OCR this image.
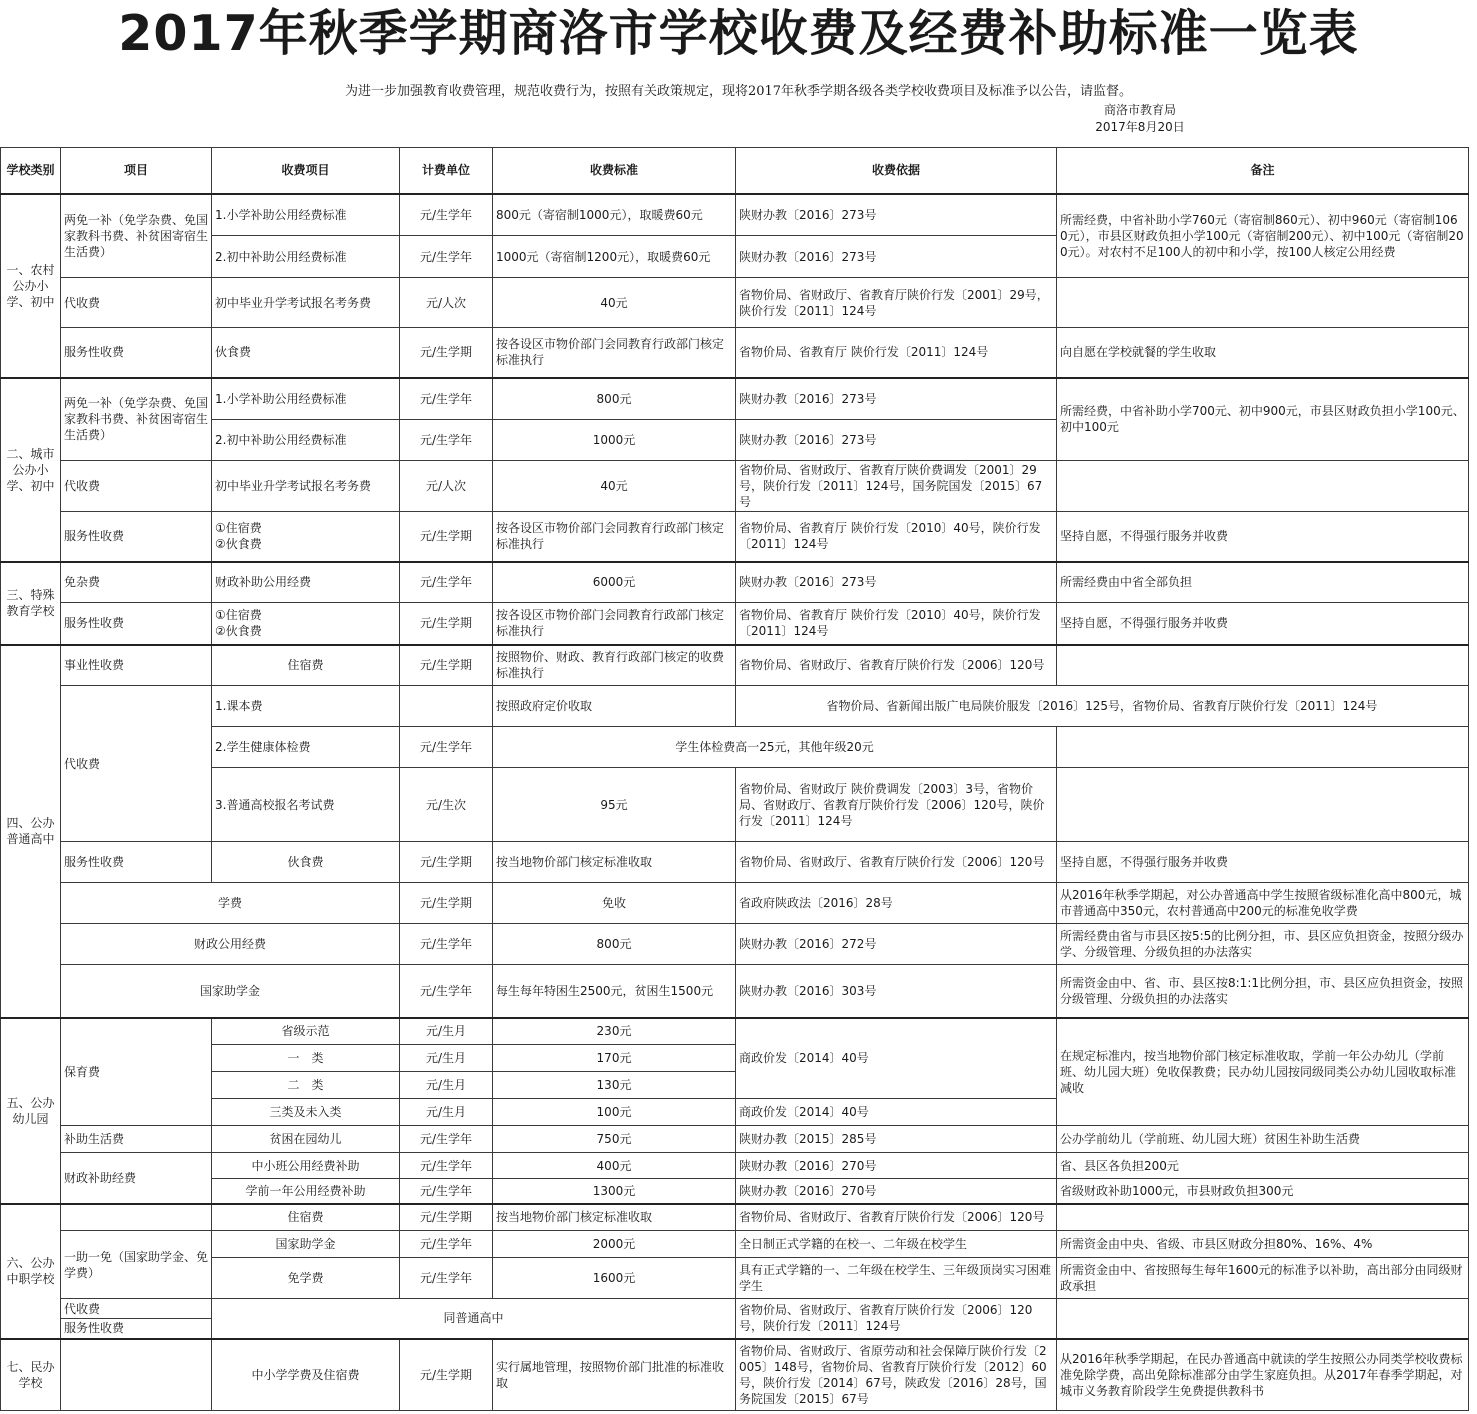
2017年秋季学期商洛市学校收费及经费补助标准一览表
为进一步加强教育收费管理，规范收费行为，按照有关政策规定，现将2017年秋季学期各级各类学校收费项目及标准予以公告，请监督。
商洛市教育局
2017年8月20日
学校类别	项目	收费项目	计费单位	收费标准	收费依据	备注
一、农村公办小学、初中	两免一补（免学杂费、免国家教科书费、补贫困寄宿生生活费）	1.小学补助公用经费标准	元/生学年	800元（寄宿制1000元），取暖费60元	陕财办教〔2016〕273号	所需经费，中省补助小学760元（寄宿制860元）、初中960元（寄宿制1060元），市县区财政负担小学100元（寄宿制200元）、初中100元（寄宿制200元）。对农村不足100人的初中和小学，按100人核定公用经费
		2.初中补助公用经费标准	元/生学年	1000元（寄宿制1200元），取暖费60元	陕财办教〔2016〕273号	
	代收费	初中毕业升学考试报名考务费	元/人次	40元	省物价局、省财政厅、省教育厅陕价行发〔2001〕29号，陕价行发〔2011〕124号	
	服务性收费	伙食费	元/生学期	按各设区市物价部门会同教育行政部门核定标准执行	省物价局、省教育厅 陕价行发〔2011〕124号	向自愿在学校就餐的学生收取
二、城市公办小学、初中	两免一补（免学杂费、免国家教科书费、补贫困寄宿生生活费）	1.小学补助公用经费标准	元/生学年	800元	陕财办教〔2016〕273号	所需经费，中省补助小学700元、初中900元，市县区财政负担小学100元、初中100元
		2.初中补助公用经费标准	元/生学年	1000元	陕财办教〔2016〕273号	
	代收费	初中毕业升学考试报名考务费	元/人次	40元	省物价局、省财政厅、省教育厅陕价费调发〔2001〕29号，陕价行发〔2011〕124号，国务院国发〔2015〕67号	
	服务性收费	①住宿费
②伙食费	元/生学期	按各设区市物价部门会同教育行政部门核定标准执行	省物价局、省教育厅 陕价行发〔2010〕40号，陕价行发〔2011〕124号	坚持自愿，不得强行服务并收费
三、特殊教育学校	免杂费	财政补助公用经费	元/生学年	6000元	陕财办教〔2016〕273号	所需经费由中省全部负担
	服务性收费	①住宿费
②伙食费	元/生学期	按各设区市物价部门会同教育行政部门核定标准执行	省物价局、省教育厅 陕价行发〔2010〕40号，陕价行发〔2011〕124号	坚持自愿，不得强行服务并收费
四、公办普通高中	事业性收费	住宿费	元/生学期	按照物价、财政、教育行政部门核定的收费标准执行	省物价局、省财政厅、省教育厅陕价行发〔2006〕120号	
	代收费	1.课本费		按照政府定价收取	省物价局、省新闻出版广电局陕价服发〔2016〕125号，省物价局、省教育厅陕价行发〔2011〕124号	
		2.学生健康体检费	元/生学年	学生体检费高一25元，其他年级20元		
		3.普通高校报名考试费	元/生次	95元	省物价局、省财政厅 陕价费调发〔2003〕3号，省物价局、省财政厅、省教育厅陕价行发〔2006〕120号，陕价行发〔2011〕124号	
	服务性收费	伙食费	元/生学期	按当地物价部门核定标准收取	省物价局、省财政厅、省教育厅陕价行发〔2006〕120号	坚持自愿，不得强行服务并收费
	学费		元/生学期	免收	省政府陕政法〔2016〕28号	从2016年秋季学期起，对公办普通高中学生按照省级标准化高中800元，城市普通高中350元，农村普通高中200元的标准免收学费
	财政公用经费		元/生学年	800元	陕财办教〔2016〕272号	所需经费由省与市县区按5:5的比例分担，市、县区应负担资金，按照分级办学、分级管理、分级负担的办法落实
	国家助学金		元/生学年	每生每年特困生2500元，贫困生1500元	陕财办教〔2016〕303号	所需资金由中、省、市、县区按8:1:1比例分担，市、县区应负担资金，按照分级管理、分级负担的办法落实
五、公办幼儿园	保育费	省级示范	元/生月	230元	商政价发〔2014〕40号	在规定标准内，按当地物价部门核定标准收取，学前一年公办幼儿（学前班、幼儿园大班）免收保教费；民办幼儿园按同级同类公办幼儿园收取标准减收
		一　类	元/生月	170元		
		二　类	元/生月	130元		
		三类及未入类	元/生月	100元	商政价发〔2014〕40号	
	补助生活费	贫困在园幼儿	元/生学年	750元	陕财办教〔2015〕285号	公办学前幼儿（学前班、幼儿园大班）贫困生补助生活费
	财政补助经费	中小班公用经费补助	元/生学年	400元	陕财办教〔2016〕270号	省、县区各负担200元
		学前一年公用经费补助	元/生学年	1300元	陕财办教〔2016〕270号	省级财政补助1000元，市县财政负担300元
六、公办中职学校		住宿费	元/生学期	按当地物价部门核定标准收取	省物价局、省财政厅、省教育厅陕价行发〔2006〕120号	
	一助一免（国家助学金、免学费）	国家助学金	元/生学年	2000元	全日制正式学籍的在校一、二年级在校学生	所需资金由中央、省级、市县区财政分担80%、16%、4%
		免学费	元/生学年	1600元	具有正式学籍的一、二年级在校学生、三年级顶岗实习困难学生	所需资金由中、省按照每生每年1600元的标准予以补助，高出部分由同级财政承担
	代收费	同普通高中			省物价局、省财政厅、省教育厅陕价行发〔2006〕120号，陕价行发〔2011〕124号	
	服务性收费					
七、民办学校		中小学学费及住宿费	元/生学期	实行属地管理，按照物价部门批准的标准收取	省物价局、省财政厅、省原劳动和社会保障厅陕价行发〔2005〕148号，省物价局、省教育厅陕价行发〔2012〕60号，陕价行发〔2014〕67号，陕政发〔2016〕28号，国务院国发〔2015〕67号	从2016年秋季学期起，在民办普通高中就读的学生按照公办同类学校收费标准免除学费，高出免除标准部分由学生家庭负担。从2017年春季学期起，对城市义务教育阶段学生免费提供教科书
